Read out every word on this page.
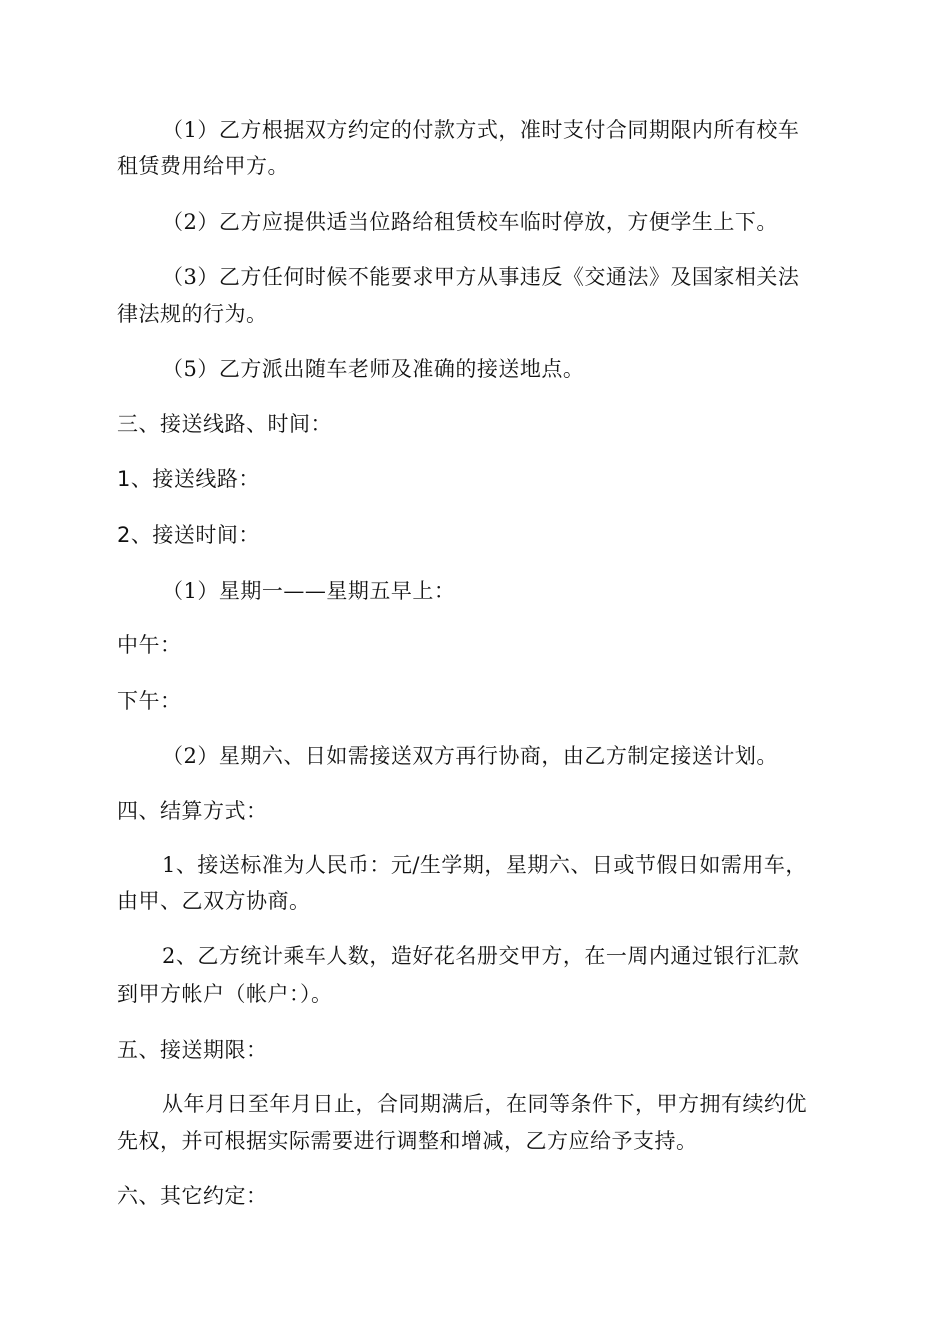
（1）乙方根据双方约定的付款方式，准时支付合同期限内所有校车
租赁费用给甲方。
（2）乙方应提供适当位路给租赁校车临时停放，方便学生上下。
（3）乙方任何时候不能要求甲方从事违反《交通法》及国家相关法
律法规的行为。
（5）乙方派出随车老师及准确的接送地点。
三、接送线路、时间：
1、接送线路：
2、接送时间：
（1）星期一——星期五早上：
中午：
下午：
（2）星期六、日如需接送双方再行协商，由乙方制定接送计划。
四、结算方式：
1、接送标准为人民币：元/生学期，星期六、日或节假日如需用车，
由甲、乙双方协商。
2、乙方统计乘车人数，造好花名册交甲方，在一周内通过银行汇款
到甲方帐户（帐户：）。
五、接送期限：
从年月日至年月日止，合同期满后，在同等条件下，甲方拥有续约优
先权，并可根据实际需要进行调整和增减，乙方应给予支持。
六、其它约定：
